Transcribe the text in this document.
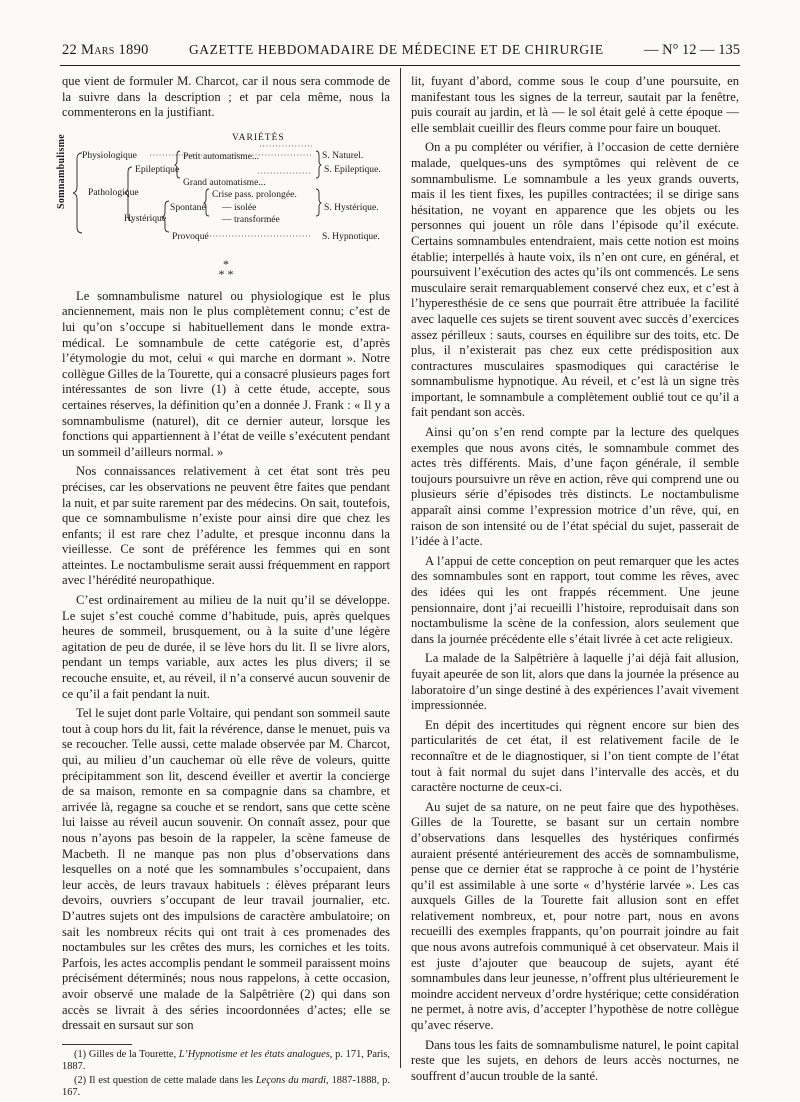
22 Mars 1890	GAZETTE HEBDOMADAIRE DE MÉDECINE ET DE CHIRURGIE	— N° 12 — 135

que vient de formuler M. Charcot, car il nous sera commode de la suivre dans la description ; et par cela même, nous la commenterons en la justifiant.

VARIÉTÉS
Somnambulisme Physiologique	S. Naturel.
Pathologique
Epileptique
Petit automatisme...
Grand automatisme...
S. Epileptique.
Hystérique
Spontané
Crise pass. prolongée.
— isolée
— transformée
S. Hystérique.
Provoqué	S. Hypnotique.
*
* *

Le somnambulisme naturel ou physiologique est le plus anciennement, mais non le plus complètement connu; c’est de lui qu’on s’occupe si habituellement dans le monde extra-médical. Le somnambule de cette catégorie est, d’après l’étymologie du mot, celui « qui marche en dormant ». Notre collègue Gilles de la Tourette, qui a consacré plusieurs pages fort intéressantes de son livre (1) à cette étude, accepte, sous certaines réserves, la définition qu’en a donnée J. Frank : « Il y a somnambulisme (naturel), dit ce dernier auteur, lorsque les fonctions qui appartiennent à l’état de veille s’exécutent pendant un sommeil d’ailleurs normal. »

Nos connaissances relativement à cet état sont très peu précises, car les observations ne peuvent être faites que pendant la nuit, et par suite rarement par des médecins. On sait, toutefois, que ce somnambulisme n’existe pour ainsi dire que chez les enfants; il est rare chez l’adulte, et presque inconnu dans la vieillesse. Ce sont de préférence les femmes qui en sont atteintes. Le noctambulisme serait aussi fréquemment en rapport avec l’hérédité neuropathique.

C’est ordinairement au milieu de la nuit qu’il se développe. Le sujet s’est couché comme d’habitude, puis, après quelques heures de sommeil, brusquement, ou à la suite d’une légère agitation de peu de durée, il se lève hors du lit. Il se livre alors, pendant un temps variable, aux actes les plus divers; il se recouche ensuite, et, au réveil, il n’a conservé aucun souvenir de ce qu’il a fait pendant la nuit.

Tel le sujet dont parle Voltaire, qui pendant son sommeil saute tout à coup hors du lit, fait la révérence, danse le menuet, puis va se recoucher. Telle aussi, cette malade observée par M. Charcot, qui, au milieu d’un cauchemar où elle rêve de voleurs, quitte précipitamment son lit, descend éveiller et avertir la concierge de sa maison, remonte en sa compagnie dans sa chambre, et arrivée là, regagne sa couche et se rendort, sans que cette scène lui laisse au réveil aucun souvenir. On connaît assez, pour que nous n’ayons pas besoin de la rappeler, la scène fameuse de Macbeth. Il ne manque pas non plus d’observations dans lesquelles on a noté que les somnambules s’occupaient, dans leur accès, de leurs travaux habituels : élèves préparant leurs devoirs, ouvriers s’occupant de leur travail journalier, etc. D’autres sujets ont des impulsions de caractère ambulatoire; on sait les nombreux récits qui ont trait à ces promenades des noctambules sur les crêtes des murs, les corniches et les toits. Parfois, les actes accomplis pendant le sommeil paraissent moins précisément déterminés; nous nous rappelons, à cette occasion, avoir observé une malade de la Salpêtrière (2) qui dans son accès se livrait à des séries incoordonnées d’actes; elle se dressait en sursaut sur son

(1) Gilles de la Tourette, L’Hypnotisme et les états analogues, p. 171, Paris, 1887.
(2) Il est question de cette malade dans les Leçons du mardi, 1887-1888, p. 167.

lit, fuyant d’abord, comme sous le coup d’une poursuite, en manifestant tous les signes de la terreur, sautait par la fenêtre, puis courait au jardin, et là — le sol était gelé à cette époque — elle semblait cueillir des fleurs comme pour faire un bouquet.

On a pu compléter ou vérifier, à l’occasion de cette dernière malade, quelques-uns des symptômes qui relèvent de ce somnambulisme. Le somnambule a les yeux grands ouverts, mais il les tient fixes, les pupilles contractées; il se dirige sans hésitation, ne voyant en apparence que les objets ou les personnes qui jouent un rôle dans l’épisode qu’il exécute. Certains somnambules entendraient, mais cette notion est moins établie; interpellés à haute voix, ils n’en ont cure, en général, et poursuivent l’exécution des actes qu’ils ont commencés. Le sens musculaire serait remarquablement conservé chez eux, et c’est à l’hyperesthésie de ce sens que pourrait être attribuée la facilité avec laquelle ces sujets se tirent souvent avec succès d’exercices assez périlleux : sauts, courses en équilibre sur des toits, etc. De plus, il n’existerait pas chez eux cette prédisposition aux contractures musculaires spasmodiques qui caractérise le somnambulisme hypnotique. Au réveil, et c’est là un signe très important, le somnambule a complètement oublié tout ce qu’il a fait pendant son accès.

Ainsi qu’on s’en rend compte par la lecture des quelques exemples que nous avons cités, le somnambule commet des actes très différents. Mais, d’une façon générale, il semble toujours poursuivre un rêve en action, rêve qui comprend une ou plusieurs série d’épisodes très distincts. Le noctambulisme apparaît ainsi comme l’expression motrice d’un rêve, qui, en raison de son intensité ou de l’état spécial du sujet, passerait de l’idée à l’acte.

A l’appui de cette conception on peut remarquer que les actes des somnambules sont en rapport, tout comme les rêves, avec des idées qui les ont frappés récemment. Une jeune pensionnaire, dont j’ai recueilli l’histoire, reproduisait dans son noctambulisme la scène de la confession, alors seulement que dans la journée précédente elle s’était livrée à cet acte religieux.

La malade de la Salpêtrière à laquelle j’ai déjà fait allusion, fuyait apeurée de son lit, alors que dans la journée la présence au laboratoire d’un singe destiné à des expériences l’avait vivement impressionnée.

En dépit des incertitudes qui règnent encore sur bien des particularités de cet état, il est relativement facile de le reconnaître et de le diagnostiquer, si l’on tient compte de l’état tout à fait normal du sujet dans l’intervalle des accès, et du caractère nocturne de ceux-ci.

Au sujet de sa nature, on ne peut faire que des hypothèses. Gilles de la Tourette, se basant sur un certain nombre d’observations dans lesquelles des hystériques confirmés auraient présenté antérieurement des accès de somnambulisme, pense que ce dernier état se rapproche à ce point de l’hystérie qu’il est assimilable à une sorte « d’hystérie larvée ». Les cas auxquels Gilles de la Tourette fait allusion sont en effet relativement nombreux, et, pour notre part, nous en avons recueilli des exemples frappants, qu’on pourrait joindre au fait que nous avons autrefois communiqué à cet observateur. Mais il est juste d’ajouter que beaucoup de sujets, ayant été somnambules dans leur jeunesse, n’offrent plus ultérieurement le moindre accident nerveux d’ordre hystérique; cette considération ne permet, à notre avis, d’accepter l’hypothèse de notre collègue qu’avec réserve.

Dans tous les faits de somnambulisme naturel, le point capital reste que les sujets, en dehors de leurs accès nocturnes, ne souffrent d’aucun trouble de la santé.
